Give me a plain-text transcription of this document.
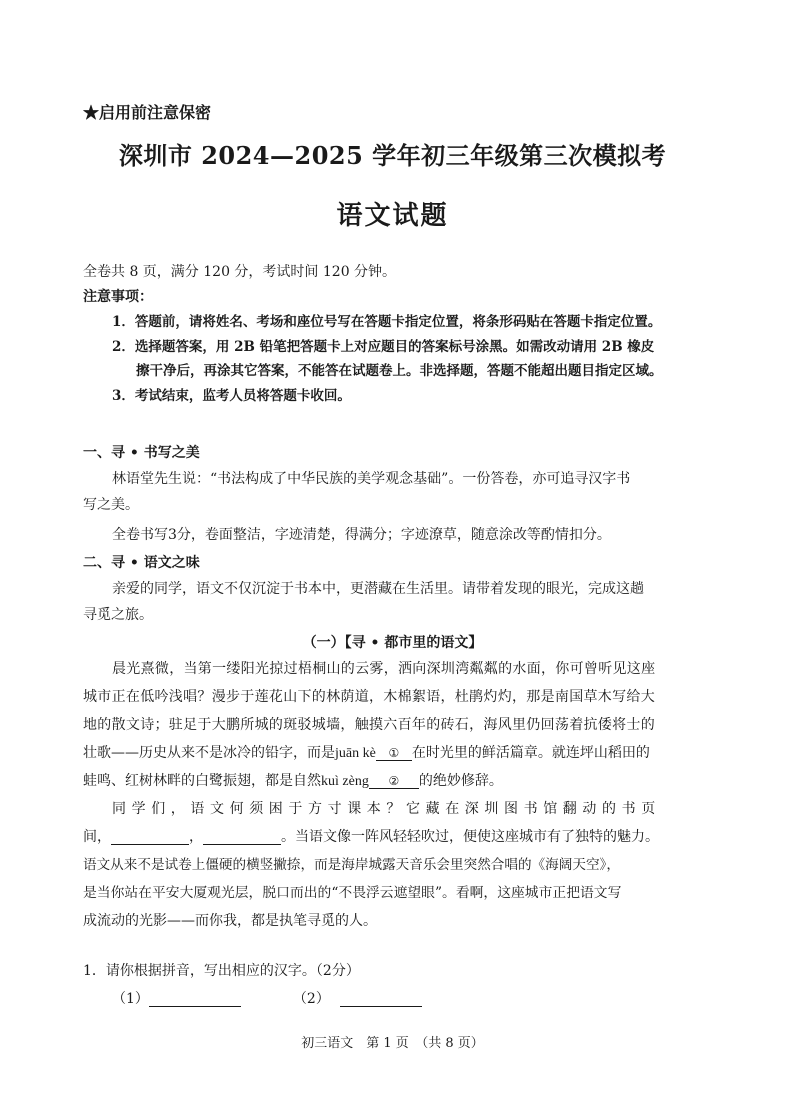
★启用前注意保密
深圳市 2024—2025 学年初三年级第三次模拟考
语文试题
全卷共 8 页，满分 120 分，考试时间 120 分钟。
注意事项：
1．答题前，请将姓名、考场和座位号写在答题卡指定位置，将条形码贴在答题卡指定位置。
2．选择题答案，用 2B 铅笔把答题卡上对应题目的答案标号涂黑。如需改动请用 2B 橡皮
擦干净后，再涂其它答案，不能答在试题卷上。非选择题，答题不能超出题目指定区域。
3．考试结束，监考人员将答题卡收回。
一、寻 • 书写之美
林语堂先生说：“书法构成了中华民族的美学观念基础”。一份答卷，亦可追寻汉字书
写之美。
全卷书写3分，卷面整洁，字迹清楚，得满分；字迹潦草，随意涂改等酌情扣分。
二、寻 • 语文之味
亲爱的同学，语文不仅沉淀于书本中，更潜藏在生活里。请带着发现的眼光，完成这趟
寻觅之旅。
（一）【寻 • 都市里的语文】
晨光熹微，当第一缕阳光掠过梧桐山的云雾，洒向深圳湾粼粼的水面，你可曾听见这座
城市正在低吟浅唱？漫步于莲花山下的林荫道，木棉絮语，杜鹃灼灼，那是南国草木写给大
地的散文诗；驻足于大鹏所城的斑驳城墙，触摸六百年的砖石，海风里仍回荡着抗倭将士的
壮歌——历史从来不是冰冷的铅字，而是juān kè ① 在时光里的鲜活篇章。就连坪山稻田的
蛙鸣、红树林畔的白鹭振翅，都是自然kuì zèng ② 的绝妙修辞。
同学们，语文何须困于方寸课本？它藏在深圳图书馆翻动的书页
间，	，	。当语文像一阵风轻轻吹过，便使这座城市有了独特的魅力。
语文从来不是试卷上僵硬的横竖撇捺，而是海岸城露天音乐会里突然合唱的《海阔天空》，
是当你站在平安大厦观光层，脱口而出的“不畏浮云遮望眼”。看啊，这座城市正把语文写
成流动的光影——而你我，都是执笔寻觅的人。
1．请你根据拼音，写出相应的汉字。（2分）
（1）	（2）
初三语文　第 1 页　（共 8 页）
